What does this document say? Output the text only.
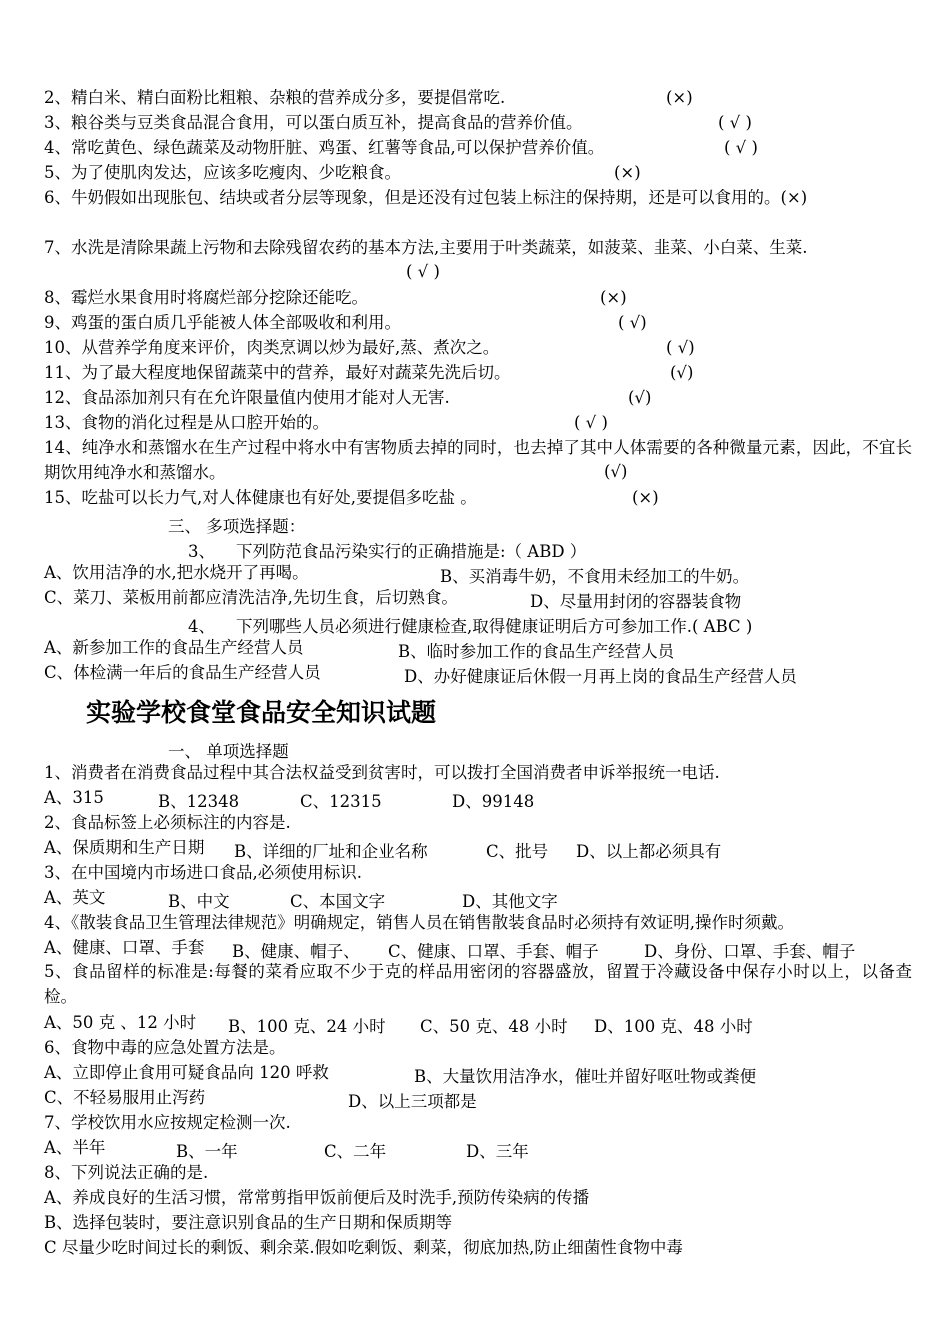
2、精白米、精白面粉比粗粮、杂粮的营养成分多，要提倡常吃.	(×)
3、粮谷类与豆类食品混合食用，可以蛋白质互补，提高食品的营养价值。	( √ )
4、常吃黄色、绿色蔬菜及动物肝脏、鸡蛋、红薯等食品,可以保护营养价值。	( √ )
5、为了使肌肉发达，应该多吃瘦肉、少吃粮食。	(×)
6、牛奶假如出现胀包、结块或者分层等现象，但是还没有过包装上标注的保持期，还是可以食用的。(×)
7、水洗是清除果蔬上污物和去除残留农药的基本方法,主要用于叶类蔬菜，如菠菜、韭菜、小白菜、生菜.
( √ )
8、霉烂水果食用时将腐烂部分挖除还能吃。	(×)
9、鸡蛋的蛋白质几乎能被人体全部吸收和利用。	( √)
10、从营养学角度来评价，肉类烹调以炒为最好,蒸、煮次之。	( √)
11、为了最大程度地保留蔬菜中的营养，最好对蔬菜先洗后切。	(√)
12、食品添加剂只有在允许限量值内使用才能对人无害.	(√)
13、食物的消化过程是从口腔开始的。	( √ )
14、纯净水和蒸馏水在生产过程中将水中有害物质去掉的同时，也去掉了其中人体需要的各种微量元素，因此，不宜长期饮用纯净水和蒸馏水。	(√)
15、吃盐可以长力气,对人体健康也有好处,要提倡多吃盐 。	(×)
三、 多项选择题：
3、    下列防范食品污染实行的正确措施是:（ ABD ）
A、饮用洁净的水,把水烧开了再喝。	B、买消毒牛奶，不食用未经加工的牛奶。
C、菜刀、菜板用前都应清洗洁净,先切生食，后切熟食。	D、尽量用封闭的容器装食物
4、    下列哪些人员必须进行健康检查,取得健康证明后方可参加工作.( ABC )
A、新参加工作的食品生产经营人员	B、临时参加工作的食品生产经营人员
C、体检满一年后的食品生产经营人员	D、办好健康证后休假一月再上岗的食品生产经营人员
实验学校食堂食品安全知识试题
一、 单项选择题
1、消费者在消费食品过程中其合法权益受到贫害时，可以拨打全国消费者申诉举报统一电话.
A、315	B、12348	C、12315	D、99148
2、食品标签上必须标注的内容是.
A、保质期和生产日期 B、详细的厂址和企业名称	C、批号 D、以上都必须具有
3、在中国境内市场进口食品,必须使用标识.
A、英文	B、中文	C、本国文字	D、其他文字
4、《散装食品卫生管理法律规范》明确规定，销售人员在销售散装食品时必须持有效证明,操作时须戴。
A、健康、口罩、手套 B、健康、帽子、 C、健康、口罩、手套、帽子	D、身份、口罩、手套、帽子
5、食品留样的标准是:每餐的菜肴应取不少于克的样品用密闭的容器盛放，留置于冷藏设备中保存小时以上，以备查检。
A、50 克 、12 小时 B、100 克、24 小时 C、50 克、48 小时 D、100 克、48 小时
6、食物中毒的应急处置方法是。
A、立即停止食用可疑食品向 120 呼救	B、大量饮用洁净水，催吐并留好呕吐物或粪便
C、不轻易服用止泻药	D、以上三项都是
7、学校饮用水应按规定检测一次.
A、半年	B、一年	C、二年	D、三年
8、下列说法正确的是.
A、养成良好的生活习惯，常常剪指甲饭前便后及时洗手,预防传染病的传播
B、选择包装时，要注意识别食品的生产日期和保质期等
C 尽量少吃时间过长的剩饭、剩余菜.假如吃剩饭、剩菜，彻底加热,防止细菌性食物中毒
